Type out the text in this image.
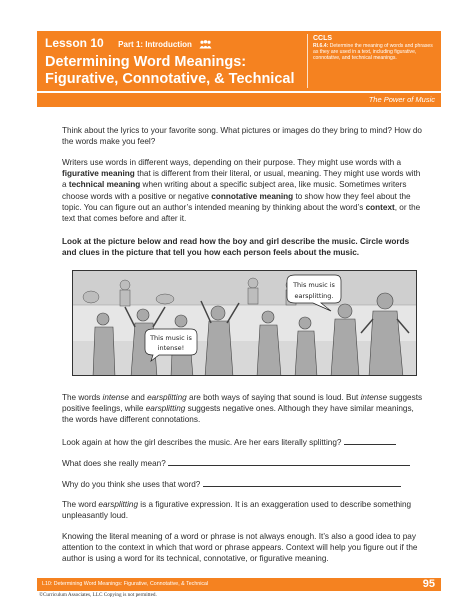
Lesson 10 Part 1: Introduction
Determining Word Meanings:
Figurative, Connotative, & Technical
CCLS
RI.6.4: Determine the meaning of words and phrases as they are used in a text, including figurative, connotative, and technical meanings.
The Power of Music

Think about the lyrics to your favorite song. What pictures or images do they bring to mind? How do the words make you feel?

Writers use words in different ways, depending on their purpose. They might use words with a figurative meaning that is different from their literal, or usual, meaning. They might use words with a technical meaning when writing about a specific subject area, like music. Sometimes writers choose words with a positive or negative connotative meaning to show how they feel about the topic. You can figure out an author’s intended meaning by thinking about the word’s context, or the text that comes before and after it.

Look at the picture below and read how the boy and girl describe the music. Circle words and clues in the picture that tell you how each person feels about the music.

This music is
intense!
This music is
earsplitting.

The words intense and earsplitting are both ways of saying that sound is loud. But intense suggests positive feelings, while earsplitting suggests negative ones. Although they have similar meanings, the words have different connotations.

Look again at how the girl describes the music. Are her ears literally splitting?

What does she really mean?

Why do you think she uses that word?

The word earsplitting is a figurative expression. It is an exaggeration used to describe something unpleasantly loud.

Knowing the literal meaning of a word or phrase is not always enough. It’s also a good idea to pay attention to the context in which that word or phrase appears. Context will help you figure out if the author is using a word for its technical, connotative, or figurative meaning.

L10: Determining Word Meanings: Figurative, Connotative, & Technical	95
©Curriculum Associates, LLC Copying is not permitted.
